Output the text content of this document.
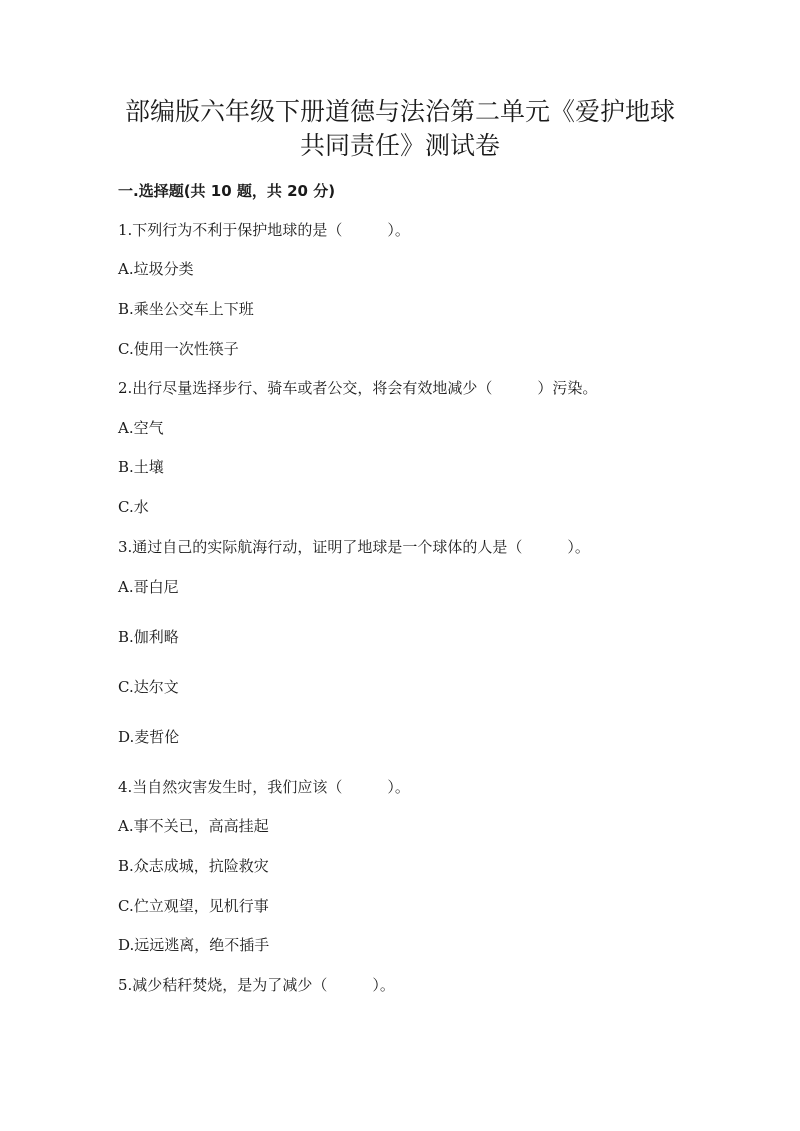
部编版六年级下册道德与法治第二单元《爱护地球
共同责任》测试卷
一.选择题(共 10 题，共 20 分)
1.下列行为不利于保护地球的是（　　　）。
A.垃圾分类
B.乘坐公交车上下班
C.使用一次性筷子
2.出行尽量选择步行、骑车或者公交，将会有效地减少（　　　）污染。
A.空气
B.土壤
C.水
3.通过自己的实际航海行动，证明了地球是一个球体的人是（　　　）。
A.哥白尼
B.伽利略
C.达尔文
D.麦哲伦
4.当自然灾害发生时，我们应该（　　　）。
A.事不关已，高高挂起
B.众志成城，抗险救灾
C.伫立观望，见机行事
D.远远逃离，绝不插手
5.减少秸秆焚烧，是为了减少（　　　）。
